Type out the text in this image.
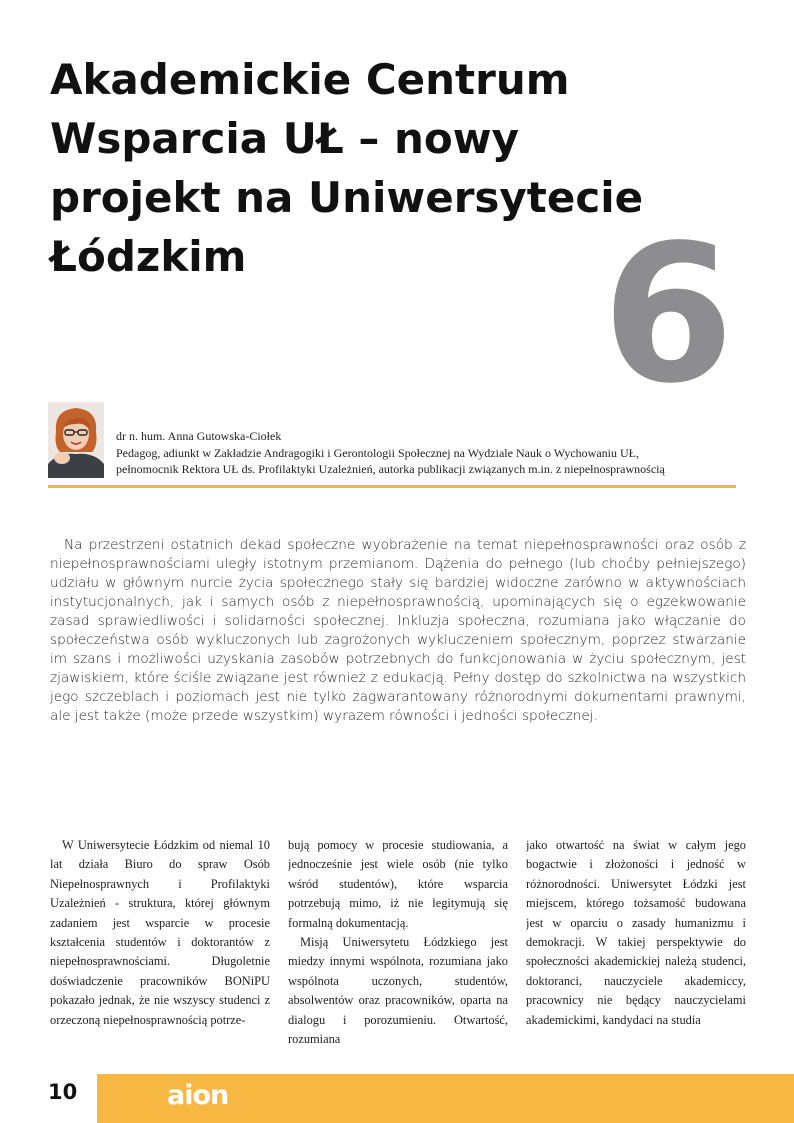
Akademickie Centrum
Wsparcia UŁ – nowy
projekt na Uniwersytecie
Łódzkim	6
dr n. hum. Anna Gutowska-Ciołek
Pedagog, adiunkt w Zakładzie Andragogiki i Gerontologii Społecznej na Wydziale Nauk o Wychowaniu UŁ,
pełnomocnik Rektora UŁ ds. Profilaktyki Uzależnień, autorka publikacji związanych m.in. z niepełnosprawnością

Na przestrzeni ostatnich dekad społeczne wyobrażenie na temat niepełnosprawności oraz osób z niepełnosprawnościami uległy istotnym przemianom. Dążenia do pełnego (lub choćby pełniejszego) udziału w głównym nurcie życia społecznego stały się bardziej widoczne zarówno w aktywnościach instytucjonalnych, jak i samych osób z niepełnosprawnością, upominających się o egzekwowanie zasad sprawiedliwości i solidarności społecznej. Inkluzja społeczna, rozumiana jako włączanie do społeczeństwa osób wykluczonych lub zagrożonych wykluczeniem społecznym, poprzez stwarzanie im szans i możliwości uzyskania zasobów potrzebnych do funkcjonowania w życiu społecznym, jest zjawiskiem, które ściśle związane jest również z edukacją. Pełny dostęp do szkolnictwa na wszystkich jego szczeblach i poziomach jest nie tylko zagwarantowany różnorodnymi dokumentami prawnymi, ale jest także (może przede wszystkim) wyrazem równości i jedności społecznej.

W Uniwersytecie Łódzkim od niemal 10 lat działa Biuro do spraw Osób Niepełnosprawnych i Profilaktyki Uzależnień - struktura, której głównym zadaniem jest wsparcie w procesie kształcenia studentów i doktorantów z niepełnosprawnościami. Długoletnie doświadczenie pracowników BONiPU pokazało jednak, że nie wszyscy studenci z orzeczoną niepełnosprawnością potrze-

bują pomocy w procesie studiowania, a jednocześnie jest wiele osób (nie tylko wśród studentów), które wsparcia potrzebują mimo, iż nie legitymują się formalną dokumentacją.

Misją Uniwersytetu Łódzkiego jest miedzy innymi wspólnota, rozumiana jako wspólnota uczonych, studentów, absolwentów oraz pracowników, oparta na dialogu i porozumieniu. Otwartość, rozumiana

jako otwartość na świat w całym jego bogactwie i złożoności i jedność w różnorodności. Uniwersytet Łódzki jest miejscem, którego tożsamość budowana jest w oparciu o zasady humanizmu i demokracji. W takiej perspektywie do społeczności akademickiej należą studenci, doktoranci, nauczyciele akademiccy, pracownicy nie będący nauczycielami akademickimi, kandydaci na studia

10	aion
